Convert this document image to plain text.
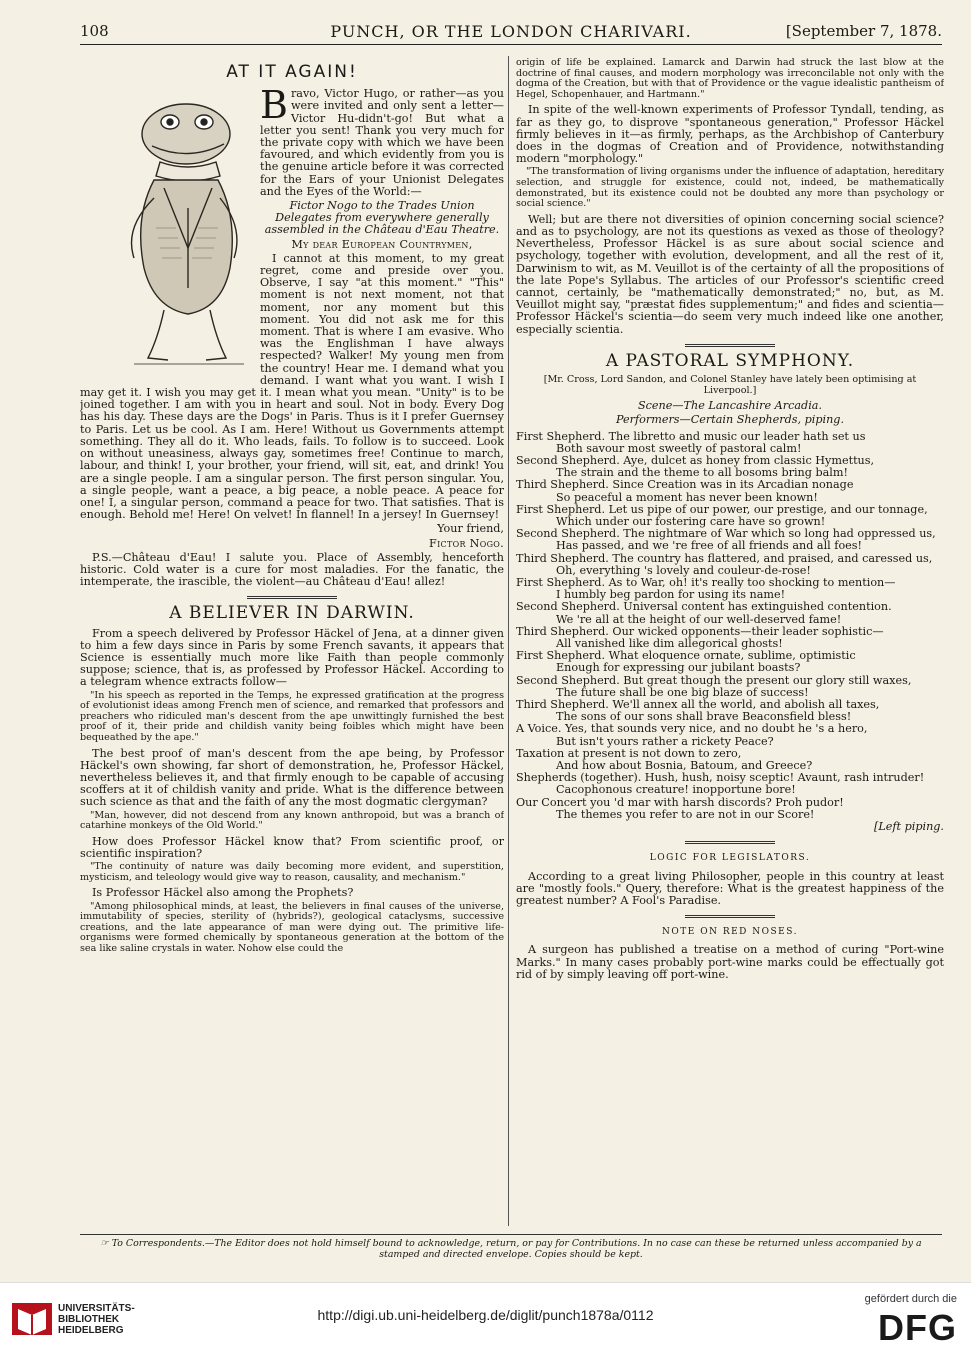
108	PUNCH, OR THE LONDON CHARIVARI.	[September 7, 1878.
AT IT AGAIN!

Bravo, Victor Hugo, or rather—as you were invited and only sent a letter—Victor Hu-didn't-go! But what a letter you sent! Thank you very much for the private copy with which we have been favoured, and which evidently from you is the genuine article before it was corrected for the Ears of your Unionist Delegates and the Eyes of the World:—

Fictor Nogo to the Trades Union Delegates from everywhere generally assembled in the Château d'Eau Theatre.

My dear European Countrymen,

I cannot at this moment, to my great regret, come and preside over you. Observe, I say "at this moment." "This" moment is not next moment, not that moment, nor any moment but this moment. You did not ask me for this moment. That is where I am evasive. Who was the Englishman I have always respected? Walker! My young men from the country! Hear me. I demand what you demand. I want what you want. I wish I may get it. I wish you may get it. I mean what you mean. "Unity" is to be joined together. I am with you in heart and soul. Not in body. Every Dog has his day. These days are the Dogs' in Paris. Thus is it I prefer Guernsey to Paris. Let us be cool. As I am. Here! Without us Governments attempt something. They all do it. Who leads, fails. To follow is to succeed. Look on without uneasiness, always gay, sometimes free! Continue to march, labour, and think! I, your brother, your friend, will sit, eat, and drink! You are a single people. I am a singular person. The first person singular. You, a single people, want a peace, a big peace, a noble peace. A peace for one! I, a singular person, command a peace for two. That satisfies. That is enough. Behold me! Here! On velvet! In flannel! In a jersey! In Guernsey!

Your friend,

Fictor Nogo.

P.S.—Château d'Eau! I salute you. Place of Assembly, henceforth historic. Cold water is a cure for most maladies. For the fanatic, the intemperate, the irascible, the violent—au Château d'Eau! allez!

A BELIEVER IN DARWIN.

From a speech delivered by Professor Häckel of Jena, at a dinner given to him a few days since in Paris by some French savants, it appears that Science is essentially much more like Faith than people commonly suppose; science, that is, as professed by Professor Häckel. According to a telegram whence extracts follow—

"In his speech as reported in the Temps, he expressed gratification at the progress of evolutionist ideas among French men of science, and remarked that professors and preachers who ridiculed man's descent from the ape unwittingly furnished the best proof of it, their pride and childish vanity being foibles which might have been bequeathed by the ape."

The best proof of man's descent from the ape being, by Professor Häckel's own showing, far short of demonstration, he, Professor Häckel, nevertheless believes it, and that firmly enough to be capable of accusing scoffers at it of childish vanity and pride. What is the difference between such science as that and the faith of any the most dogmatic clergyman?

"Man, however, did not descend from any known anthropoid, but was a branch of catarhine monkeys of the Old World."

How does Professor Häckel know that? From scientific proof, or scientific inspiration?

"The continuity of nature was daily becoming more evident, and superstition, mysticism, and teleology would give way to reason, causality, and mechanism."

Is Professor Häckel also among the Prophets?

"Among philosophical minds, at least, the believers in final causes of the universe, immutability of species, sterility of (hybrids?), geological cataclysms, successive creations, and the late appearance of man were dying out. The primitive life-organisms were formed chemically by spontaneous generation at the bottom of the sea like saline crystals in water. Nohow else could the

origin of life be explained. Lamarck and Darwin had struck the last blow at the doctrine of final causes, and modern morphology was irreconcilable not only with the dogma of the Creation, but with that of Providence or the vague idealistic pantheism of Hegel, Schopenhauer, and Hartmann."

In spite of the well-known experiments of Professor Tyndall, tending, as far as they go, to disprove "spontaneous generation," Professor Häckel firmly believes in it—as firmly, perhaps, as the Archbishop of Canterbury does in the dogmas of Creation and of Providence, notwithstanding modern "morphology."

"The transformation of living organisms under the influence of adaptation, hereditary selection, and struggle for existence, could not, indeed, be mathematically demonstrated, but its existence could not be doubted any more than psychology or social science."

Well; but are there not diversities of opinion concerning social science? and as to psychology, are not its questions as vexed as those of theology? Nevertheless, Professor Häckel is as sure about social science and psychology, together with evolution, development, and all the rest of it, Darwinism to wit, as M. Veuillot is of the certainty of all the propositions of the late Pope's Syllabus. The articles of our Professor's scientific creed cannot, certainly, be "mathematically demonstrated;" no, but, as M. Veuillot might say, "præstat fides supplementum;" and fides and scientia—Professor Häckel's scientia—do seem very much indeed like one another, especially scientia.

A PASTORAL SYMPHONY.

[Mr. Cross, Lord Sandon, and Colonel Stanley have lately been optimising at Liverpool.]

Scene—The Lancashire Arcadia.

Performers—Certain Shepherds, piping.

First Shepherd. The libretto and music our leader hath set us
Both savour most sweetly of pastoral calm!
Second Shepherd. Aye, dulcet as honey from classic Hymettus,
The strain and the theme to all bosoms bring balm!
Third Shepherd. Since Creation was in its Arcadian nonage
So peaceful a moment has never been known!
First Shepherd. Let us pipe of our power, our prestige, and our tonnage,
Which under our fostering care have so grown!
Second Shepherd. The nightmare of War which so long had oppressed us,
Has passed, and we 're free of all friends and all foes!
Third Shepherd. The country has flattered, and praised, and caressed us,
Oh, everything 's lovely and couleur-de-rose!
First Shepherd. As to War, oh! it's really too shocking to mention—
I humbly beg pardon for using its name!
Second Shepherd. Universal content has extinguished contention.
We 're all at the height of our well-deserved fame!
Third Shepherd. Our wicked opponents—their leader sophistic—
All vanished like dim allegorical ghosts!
First Shepherd. What eloquence ornate, sublime, optimistic
Enough for expressing our jubilant boasts?
Second Shepherd. But great though the present our glory still waxes,
The future shall be one big blaze of success!
Third Shepherd. We'll annex all the world, and abolish all taxes,
The sons of our sons shall brave Beaconsfield bless!
A Voice. Yes, that sounds very nice, and no doubt he 's a hero,
But isn't yours rather a rickety Peace?
Taxation at present is not down to zero,
And how about Bosnia, Batoum, and Greece?
Shepherds (together). Hush, hush, noisy sceptic! Avaunt, rash intruder!
Cacophonous creature! inopportune bore!
Our Concert you 'd mar with harsh discords? Proh pudor!
The themes you refer to are not in our Score!

[Left piping.

LOGIC FOR LEGISLATORS.

According to a great living Philosopher, people in this country at least are "mostly fools." Query, therefore: What is the greatest happiness of the greatest number? A Fool's Paradise.

NOTE ON RED NOSES.

A surgeon has published a treatise on a method of curing "Port-wine Marks." In many cases probably port-wine marks could be effectually got rid of by simply leaving off port-wine.

☞ To Correspondents.—The Editor does not hold himself bound to acknowledge, return, or pay for Contributions. In no case can these be returned unless accompanied by a
stamped and directed envelope. Copies should be kept.
UNIVERSITÄTS-
BIBLIOTHEK
HEIDELBERG
http://digi.ub.uni-heidelberg.de/diglit/punch1878a/0112
gefördert durch die
DFG
